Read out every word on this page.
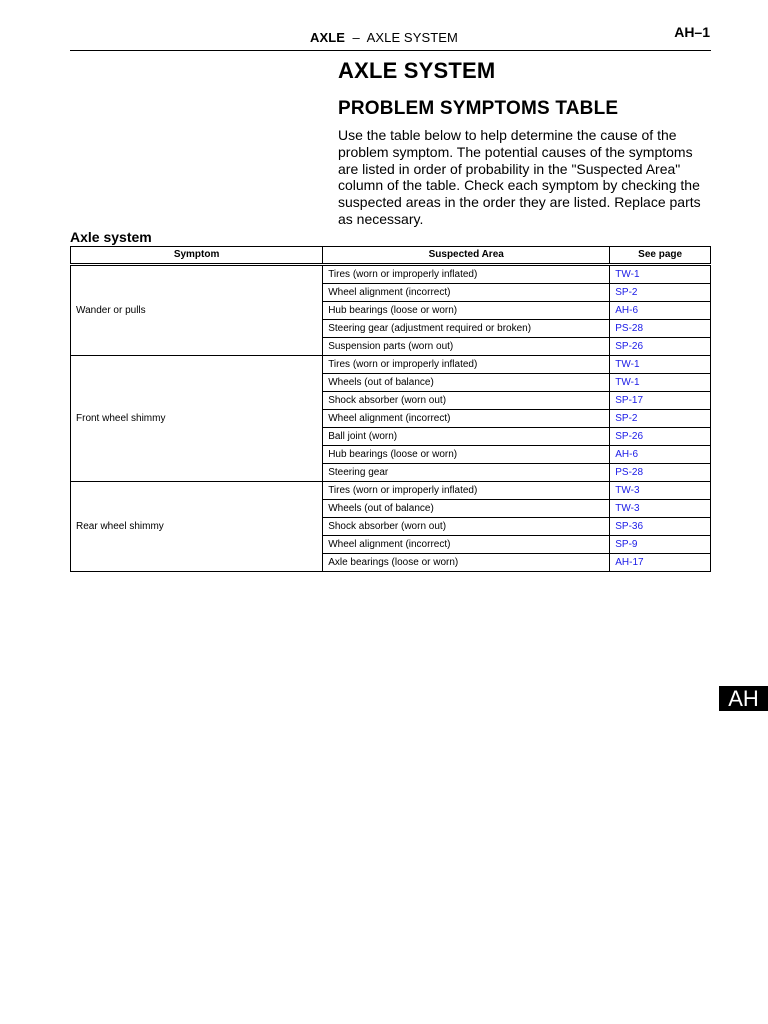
AXLE – AXLE SYSTEM	AH–1
AXLE SYSTEM
PROBLEM SYMPTOMS TABLE

Use the table below to help determine the cause of the problem symptom. The potential causes of the symptoms are listed in order of probability in the "Suspected Area" column of the table. Check each symptom by checking the suspected areas in the order they are listed. Replace parts as necessary.

Axle system
Symptom	Suspected Area	See page
Wander or pulls	Tires (worn or improperly inflated)	TW-1
	Wheel alignment (incorrect)	SP-2
	Hub bearings (loose or worn)	AH-6
	Steering gear (adjustment required or broken)	PS-28
	Suspension parts (worn out)	SP-26
Front wheel shimmy	Tires (worn or improperly inflated)	TW-1
	Wheels (out of balance)	TW-1
	Shock absorber (worn out)	SP-17
	Wheel alignment (incorrect)	SP-2
	Ball joint (worn)	SP-26
	Hub bearings (loose or worn)	AH-6
	Steering gear	PS-28
Rear wheel shimmy	Tires (worn or improperly inflated)	TW-3
	Wheels (out of balance)	TW-3
	Shock absorber (worn out)	SP-36
	Wheel alignment (incorrect)	SP-9
	Axle bearings (loose or worn)	AH-17
AH
